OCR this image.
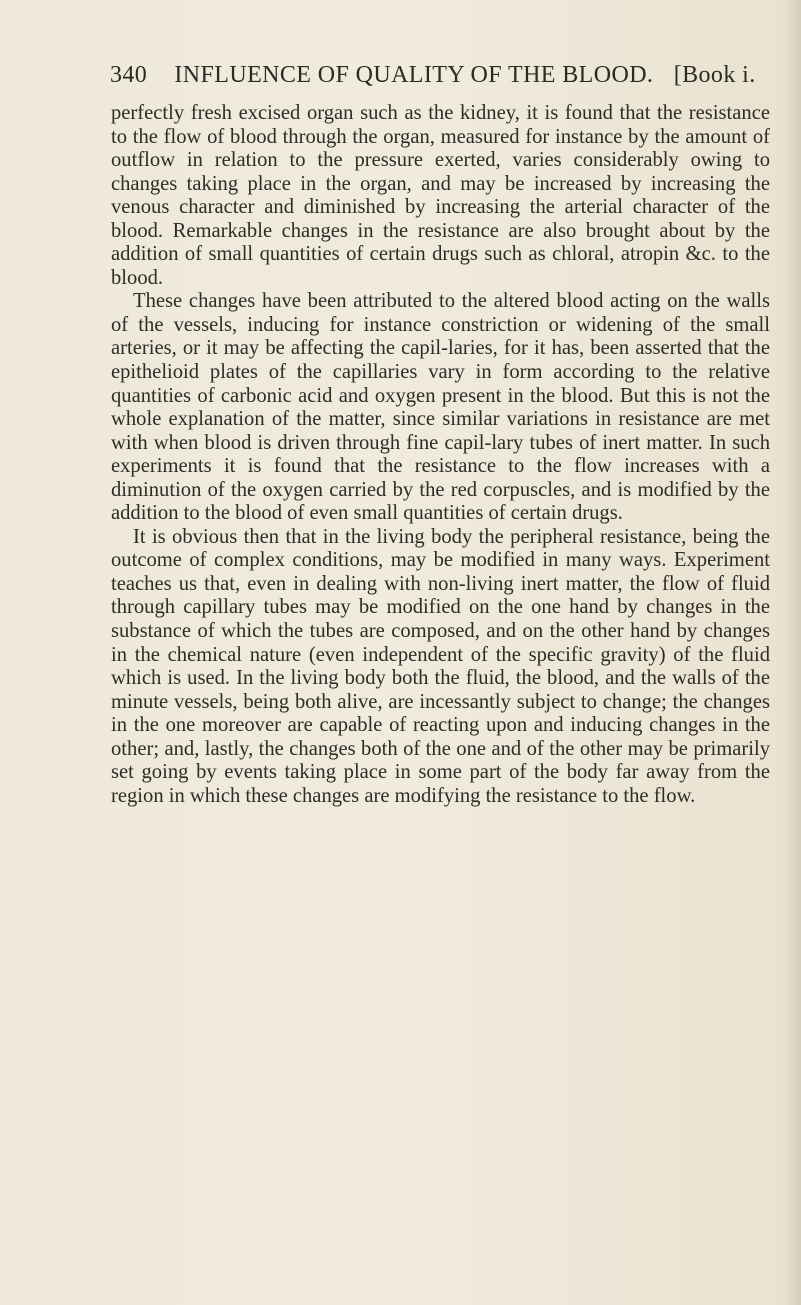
340 INFLUENCE OF QUALITY OF THE BLOOD. [Book i.

perfectly fresh excised organ such as the kidney, it is found that the resistance to the flow of blood through the organ, measured for instance by the amount of outflow in relation to the pressure exerted, varies considerably owing to changes taking place in the organ, and may be increased by increasing the venous character and diminished by increasing the arterial character of the blood. Remarkable changes in the resistance are also brought about by the addition of small quantities of certain drugs such as chloral, atropin &c. to the blood.

These changes have been attributed to the altered blood acting on the walls of the vessels, inducing for instance constriction or widening of the small arteries, or it may be affecting the capil-laries, for it has, been asserted that the epithelioid plates of the capillaries vary in form according to the relative quantities of carbonic acid and oxygen present in the blood. But this is not the whole explanation of the matter, since similar variations in resistance are met with when blood is driven through fine capil-lary tubes of inert matter. In such experiments it is found that the resistance to the flow increases with a diminution of the oxygen carried by the red corpuscles, and is modified by the addition to the blood of even small quantities of certain drugs.

It is obvious then that in the living body the peripheral resistance, being the outcome of complex conditions, may be modified in many ways. Experiment teaches us that, even in dealing with non-living inert matter, the flow of fluid through capillary tubes may be modified on the one hand by changes in the substance of which the tubes are composed, and on the other hand by changes in the chemical nature (even independent of the specific gravity) of the fluid which is used. In the living body both the fluid, the blood, and the walls of the minute vessels, being both alive, are incessantly subject to change; the changes in the one moreover are capable of reacting upon and inducing changes in the other; and, lastly, the changes both of the one and of the other may be primarily set going by events taking place in some part of the body far away from the region in which these changes are modifying the resistance to the flow.
